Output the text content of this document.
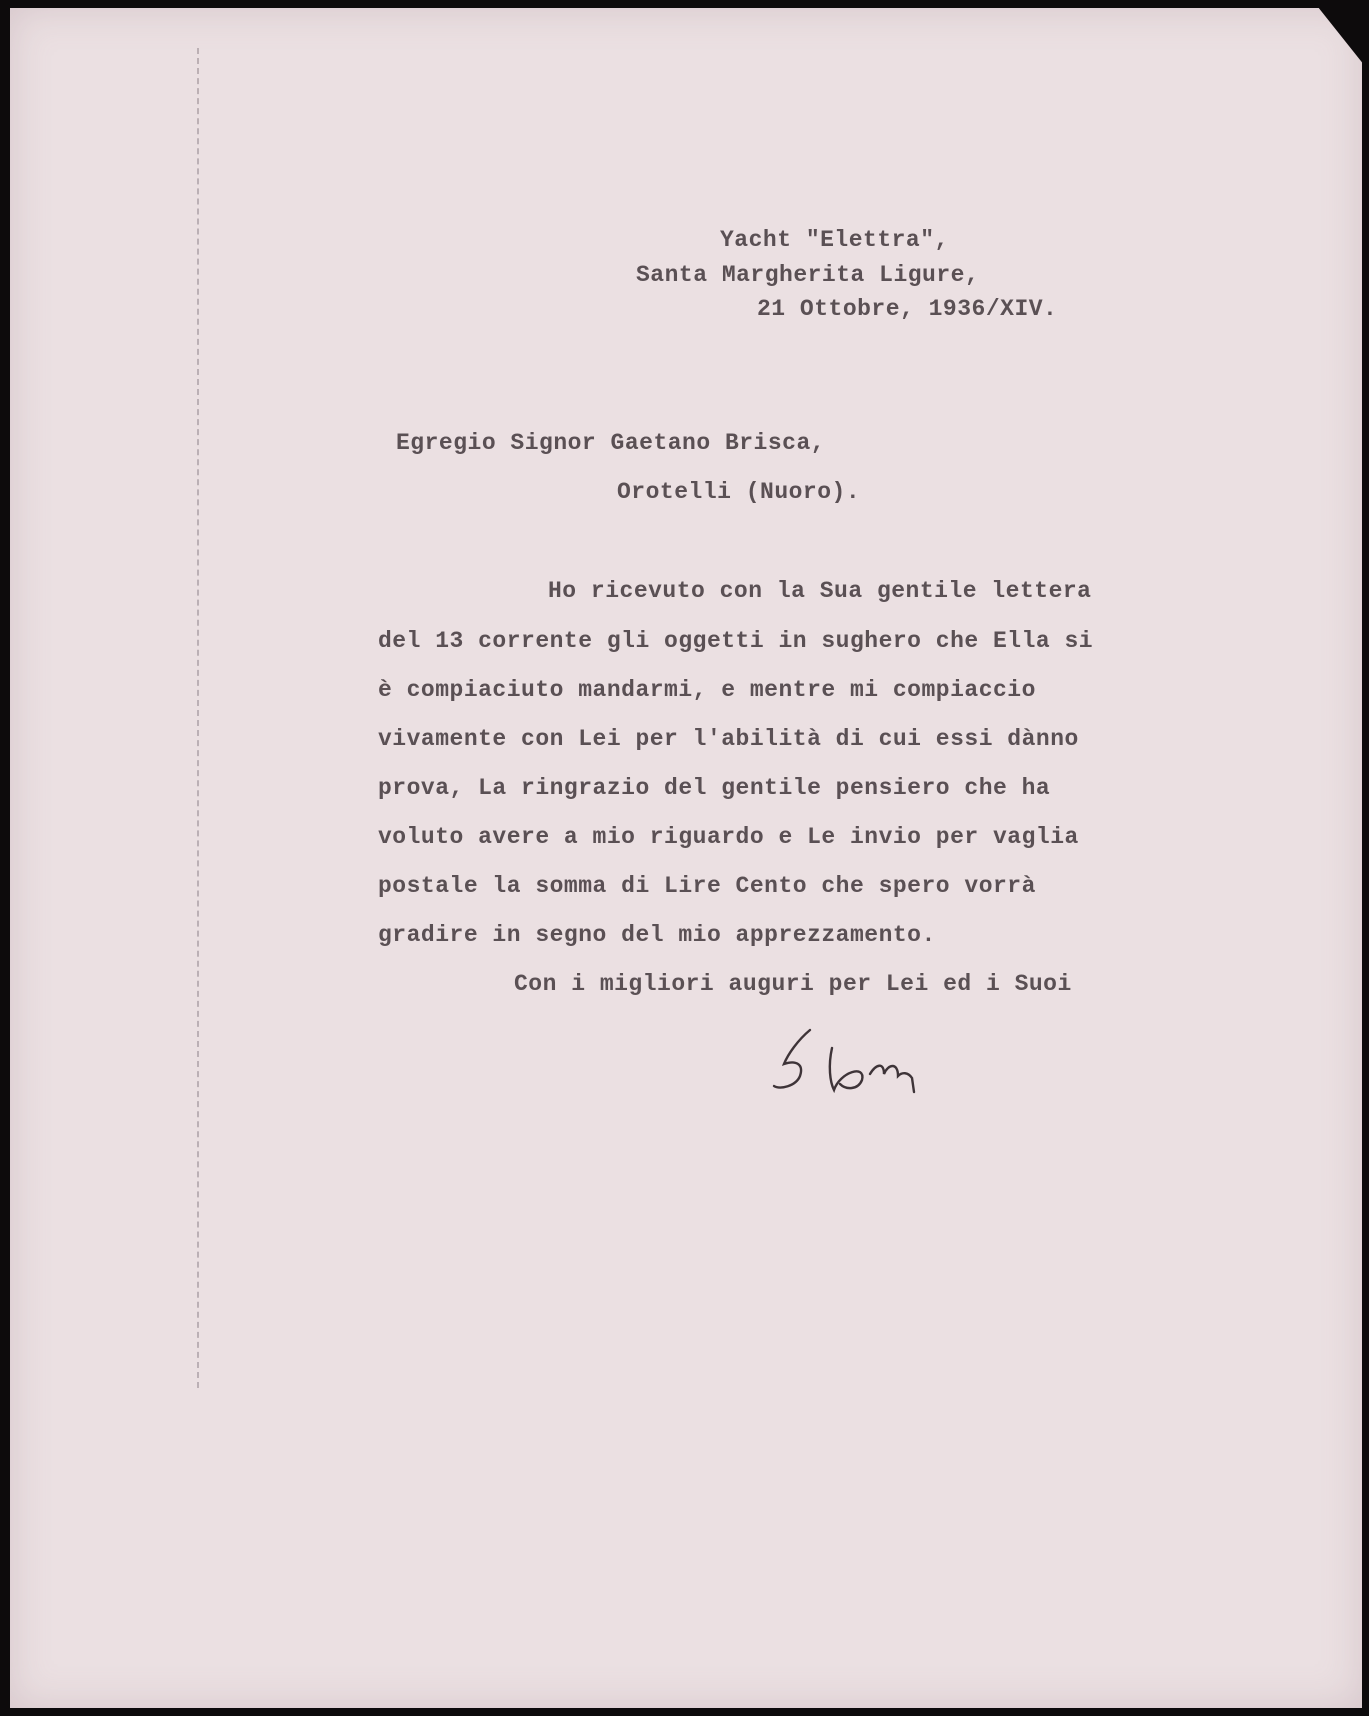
Yacht "Elettra",
Santa Margherita Ligure,
21 Ottobre, 1936/XIV.
Egregio Signor Gaetano Brisca,
Orotelli (Nuoro).
Ho ricevuto con la Sua gentile lettera
del 13 corrente gli oggetti in sughero che Ella si
è compiaciuto mandarmi, e mentre mi compiaccio
vivamente con Lei per l'abilità di cui essi dànno
prova, La ringrazio del gentile pensiero che ha
voluto avere a mio riguardo e Le invio per vaglia
postale la somma di Lire Cento che spero vorrà
gradire in segno del mio apprezzamento.
Con i migliori auguri per Lei ed i Suoi
